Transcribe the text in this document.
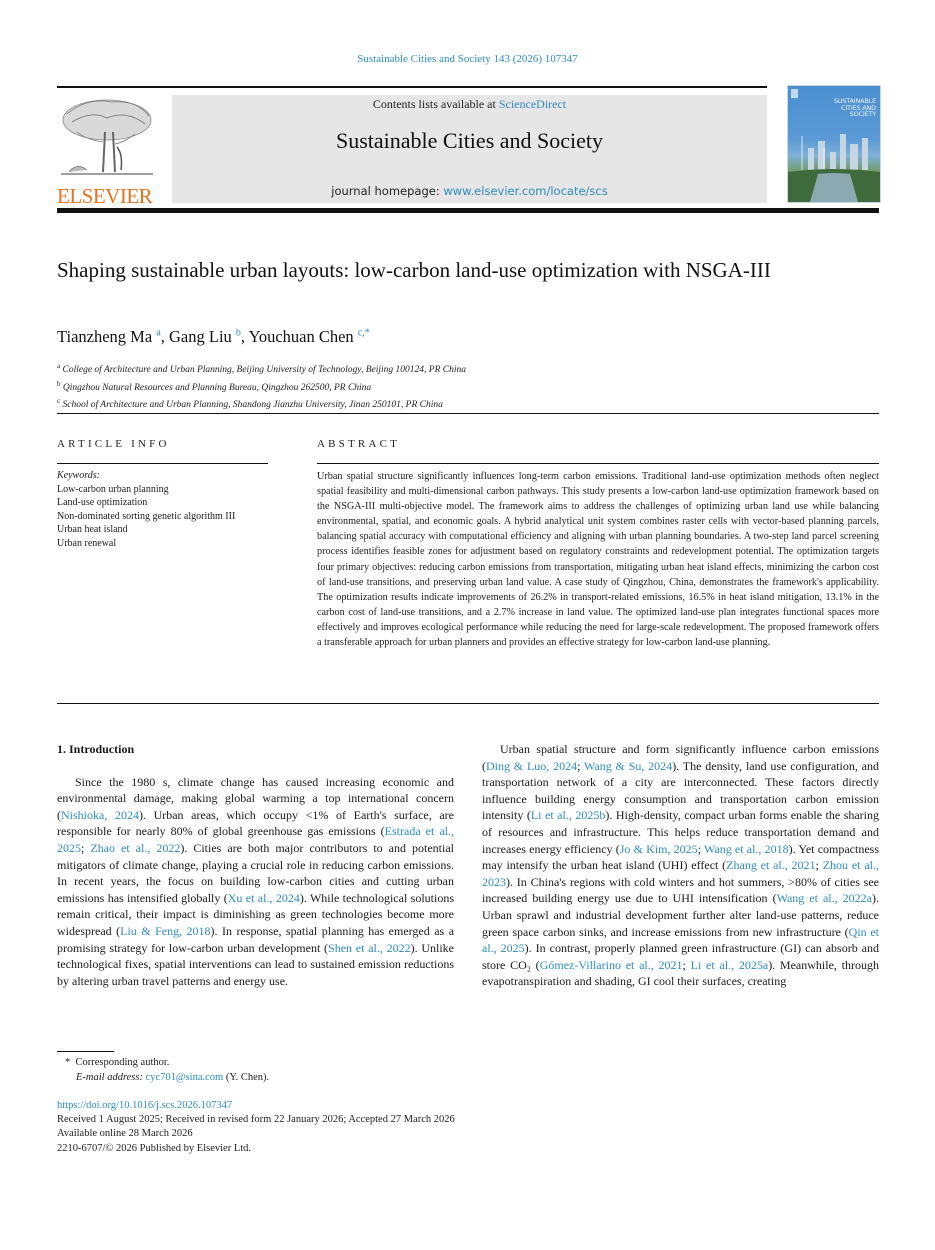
Sustainable Cities and Society 143 (2026) 107347
ELSEVIER
Contents lists available at ScienceDirect
Sustainable Cities and Society
journal homepage: www.elsevier.com/locate/scs
SUSTAINABLE
CITIES AND
SOCIETY
Shaping sustainable urban layouts: low-carbon land-use optimization with NSGA-III
Tianzheng Ma $^a$, Gang Liu $^b$, Youchuan Chen $^{c,*}$
$^a$ College of Architecture and Urban Planning, Beijing University of Technology, Beijing 100124, PR China
$^b$ Qingzhou Natural Resources and Planning Bureau, Qingzhou 262500, PR China
$^c$ School of Architecture and Urban Planning, Shandong Jianzhu University, Jinan 250101, PR China
ARTICLE INFO	ABSTRACT
Keywords:
Low-carbon urban planning
Land-use optimization
Non-dominated sorting genetic algorithm III
Urban heat island
Urban renewal
Urban spatial structure significantly influences long-term carbon emissions. Traditional land-use optimization methods often neglect spatial feasibility and multi-dimensional carbon pathways. This study presents a low-carbon land-use optimization framework based on the NSGA-III multi-objective model. The framework aims to address the challenges of optimizing urban land use while balancing environmental, spatial, and economic goals. A hybrid analytical unit system combines raster cells with vector-based planning parcels, balancing spatial accuracy with computational efficiency and aligning with urban planning boundaries. A two-step land parcel screening process identifies feasible zones for adjustment based on regulatory constraints and redevelopment potential. The optimization targets four primary objectives: reducing carbon emissions from transportation, mitigating urban heat island effects, minimizing the carbon cost of land-use transitions, and preserving urban land value. A case study of Qingzhou, China, demonstrates the framework's applicability. The optimization results indicate improvements of 26.2% in transport-related emissions, 16.5% in heat island mitigation, 13.1% in the carbon cost of land-use transitions, and a 2.7% increase in land value. The optimized land-use plan integrates functional spaces more effectively and improves ecological performance while reducing the need for large-scale redevelopment. The proposed framework offers a transferable approach for urban planners and provides an effective strategy for low-carbon land-use planning.
1. Introduction

Since the 1980 s, climate change has caused increasing economic and environmental damage, making global warming a top international concern (Nishioka, 2024). Urban areas, which occupy <1% of Earth's surface, are responsible for nearly 80% of global greenhouse gas emissions (Estrada et al., 2025; Zhao et al., 2022). Cities are both major contributors to and potential mitigators of climate change, playing a crucial role in reducing carbon emissions. In recent years, the focus on building low-carbon cities and cutting urban emissions has intensified globally (Xu et al., 2024). While technological solutions remain critical, their impact is diminishing as green technologies become more widespread (Liu & Feng, 2018). In response, spatial planning has emerged as a promising strategy for low-carbon urban development (Shen et al., 2022). Unlike technological fixes, spatial interventions can lead to sustained emission reductions by altering urban travel patterns and energy use.

Urban spatial structure and form significantly influence carbon emissions (Ding & Luo, 2024; Wang & Su, 2024). The density, land use configuration, and transportation network of a city are interconnected. These factors directly influence building energy consumption and transportation carbon emission intensity (Li et al., 2025b). High-density, compact urban forms enable the sharing of resources and infrastructure. This helps reduce transportation demand and increases energy efficiency (Jo & Kim, 2025; Wang et al., 2018). Yet compactness may intensify the urban heat island (UHI) effect (Zhang et al., 2021; Zhou et al., 2023). In China's regions with cold winters and hot summers, >80% of cities see increased building energy use due to UHI intensification (Wang et al., 2022a). Urban sprawl and industrial development further alter land-use patterns, reduce green space carbon sinks, and increase emissions from new infrastructure (Qin et al., 2025). In contrast, properly planned green infrastructure (GI) can absorb and store CO₂ (Gómez-Villarino et al., 2021; Li et al., 2025a). Meanwhile, through evapotranspiration and shading, GI cool their surfaces, creating

* Corresponding author.
E-mail address: cyc701@sina.com (Y. Chen).
https://doi.org/10.1016/j.scs.2026.107347
Received 1 August 2025; Received in revised form 22 January 2026; Accepted 27 March 2026
Available online 28 March 2026
2210-6707/© 2026 Published by Elsevier Ltd.
